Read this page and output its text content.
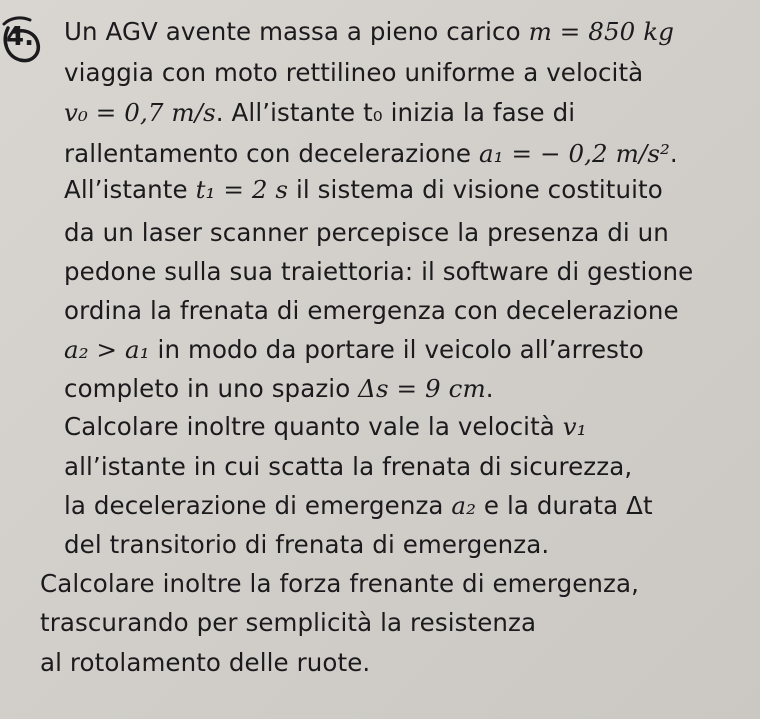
4. Un AGV avente massa a pieno carico m = 850 kg
viaggia con moto rettilineo uniforme a velocità
v₀ = 0,7 m/s. All’istante t₀ inizia la fase di
rallentamento con decelerazione a₁ = − 0,2 m/s².
All’istante t₁ = 2 s il sistema di visione costituito
da un laser scanner percepisce la presenza di un
pedone sulla sua traiettoria: il software di gestione
ordina la frenata di emergenza con decelerazione
a₂ > a₁ in modo da portare il veicolo all’arresto
completo in uno spazio Δs = 9 cm.
Calcolare inoltre quanto vale la velocità v₁
all’istante in cui scatta la frenata di sicurezza,
la decelerazione di emergenza a₂ e la durata Δt
del transitorio di frenata di emergenza.
Calcolare inoltre la forza frenante di emergenza,
trascurando per semplicità la resistenza
al rotolamento delle ruote.
